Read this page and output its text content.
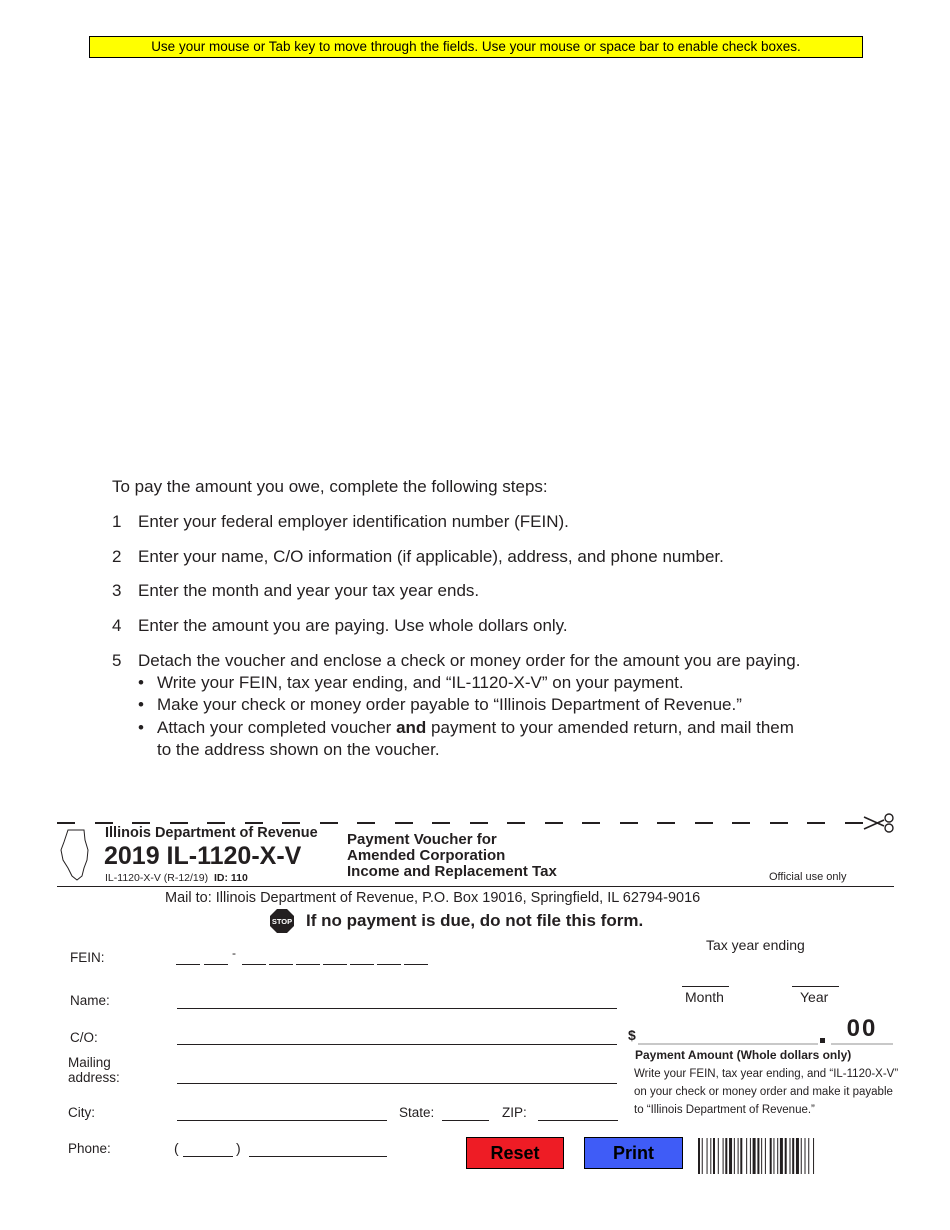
Use your mouse or Tab key to move through the fields. Use your mouse or space bar to enable check boxes.
To pay the amount you owe, complete the following steps:
1 Enter your federal employer identification number (FEIN).
2 Enter your name, C/O information (if applicable), address, and phone number.
3 Enter the month and year your tax year ends.
4 Enter the amount you are paying. Use whole dollars only.
5 Detach the voucher and enclose a check or money order for the amount you are paying.
• Write your FEIN, tax year ending, and “IL-1120-X-V” on your payment.
• Make your check or money order payable to “Illinois Department of Revenue.”
• Attach your completed voucher and payment to your amended return, and mail them
to the address shown on the voucher.
Illinois Department of Revenue
2019 IL-1120-X-V
IL-1120-X-V (R-12/19) ID: 110
Payment Voucher for
Amended Corporation
Income and Replacement Tax	Official use only
Mail to: Illinois Department of Revenue, P.O. Box 19016, Springfield, IL 62794-9016
STOP If no payment is due, do not file this form.
FEIN:	-
Name:
C/O:
Mailing
address:
City:	State:	ZIP:
Phone:	(	)
Tax year ending
Month	Year
$	00
Payment Amount (Whole dollars only)
Write your FEIN, tax year ending, and “IL-1120-X-V”
on your check or money order and make it payable
to “Illinois Department of Revenue.”
Reset	Print
